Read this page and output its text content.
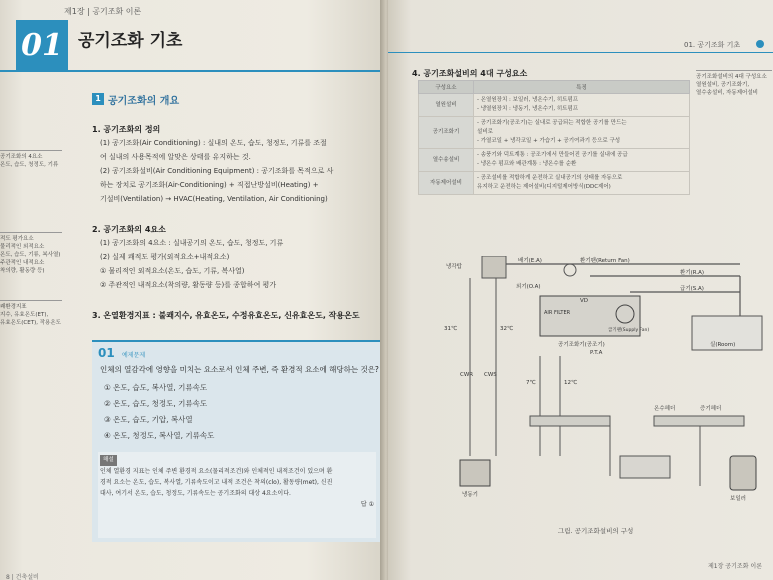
제1장 | 공기조화 이론
01 공기조화 기초
공기조화의 4요소
온도, 습도, 청정도, 기류
적도 평가요소
물리적인 외적요소
온도, 습도, 기류, 복사열)
주관적인 내적요소
착의량, 활동량 등)
쾌환경지표
지수, 유효온도(ET),
유효온도(CET), 작용온도
1 공기조화의 개요
1. 공기조화의 정의
(1) 공기조화(Air Conditioning) : 실내의 온도, 습도, 청정도, 기류를 조절
여 실내의 사용목적에 알맞은 상태를 유지하는 것.
(2) 공기조화설비(Air Conditioning Equipment) : 공기조화를 목적으로 사
하는 장치로 공기조화(Air-Conditioning) + 직접난방설비(Heating) +
기설비(Ventilation) → HVAC(Heating, Ventilation, Air Conditioning)
2. 공기조화의 4요소
(1) 공기조화의 4요소 : 실내공기의 온도, 습도, 청정도, 기류
(2) 실제 쾌적도 평가(외적요소+내적요소)
① 물리적인 외적요소(온도, 습도, 기류, 복사열)
② 주관적인 내적요소(착의량, 활동량 등)를 종합하여 평가
3. 온열환경지표 : 불쾌지수, 유효온도, 수정유효온도, 신유효온도, 작용온도
01 예제문제
인체의 열감각에 영향을 미치는 요소로서 인체 주변, 즉 환경적 요소에 해당하는 것은?
① 온도, 습도, 복사열, 기류속도
② 온도, 습도, 청정도, 기류속도
③ 온도, 습도, 기압, 복사열
④ 온도, 청정도, 복사열, 기류속도
해설
인체 열환경 지표는 인체 주변 환경적 요소(물리적조건)와 인체적인 내적조건이 있으며 환
경적 요소는 온도, 습도, 복사열, 기류속도이고 내적 조건은 착의(clo), 활동량(met), 신진
대사, 여기서 온도, 습도, 청정도, 기류속도는 공기조화의 대상 4요소이다.
답 ①
8 | 건축설비
01. 공기조화 기초
4. 공기조화설비의 4대 구성요소	공기조화설비의 4대 구성요소
열원설비, 공기조화기,
열수송설비, 자동제어설비
구성요소	특징
열원설비	- 온열원장치 : 보일러, 냉온수기, 히트펌프
- 냉열원장치 : 냉동기, 냉온수기, 히트펌프

공기조화기	- 공기조화기(공조기)는 실내로 공급되는 적합한 공기를 만드는
설비로
- 가열코일 + 냉각코일 + 가습기 + 공기여과기 등으로 구성

열수송설비	- 송풍기와 덕트계통 : 공조기에서 만들어진 공기를 실내에 공급
- 냉온수 펌프와 배관계통 : 냉온수를 순환

자동제어설비	- 공조설비를 적합하게 운전하고 실내공기의 상태를 자동으로
유지하고 운전하는 제어설비(디지털제어방식(DDC제어)
냉각탑
배기(E.A)	환기팬(Return Fan)
환기(R.A)
외기(O.A)	급기(S.A)
AIR FILTER
VD
급기팬(Supply Fan)
공기조화기(공조기)
P.T.A
실(Room)
31℃	32℃
CWR CWS
7℃	12℃
온수헤더	증기헤더
냉동기
보일러
그림. 공기조화설비의 구성
제1장 공기조화 이론
